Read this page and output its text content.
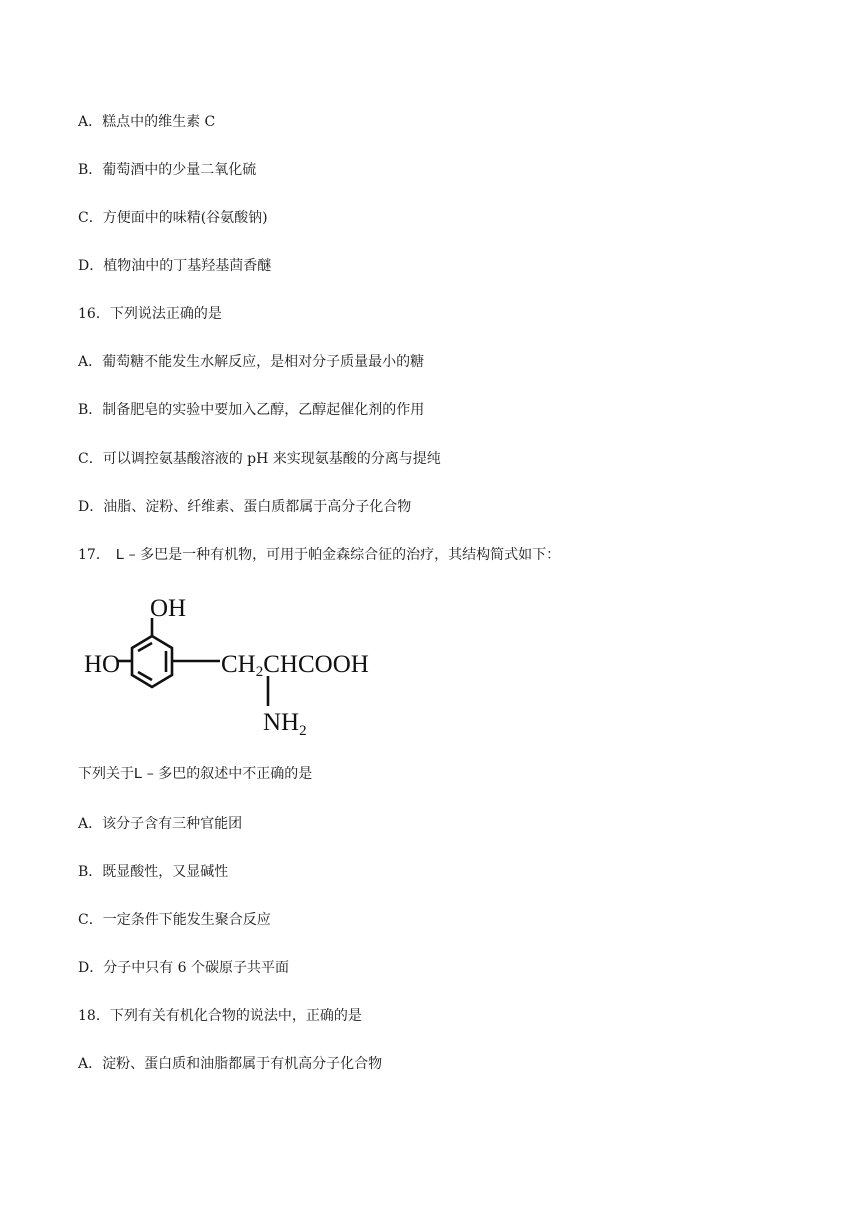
A．糕点中的维生素 C
B．葡萄酒中的少量二氧化硫
C．方便面中的味精(谷氨酸钠)
D．植物油中的丁基羟基茴香醚
16．下列说法正确的是
A．葡萄糖不能发生水解反应，是相对分子质量最小的糖
B．制备肥皂的实验中要加入乙醇，乙醇起催化剂的作用
C．可以调控氨基酸溶液的 pH 来实现氨基酸的分离与提纯
D．油脂、淀粉、纤维素、蛋白质都属于高分子化合物
17． L – 多巴是一种有机物，可用于帕金森综合征的治疗，其结构简式如下：
OH
HO	CH2CHCOOH
$NH_2$
下列关于L – 多巴的叙述中不正确的是
A．该分子含有三种官能团
B．既显酸性，又显碱性
C．一定条件下能发生聚合反应
D．分子中只有 6 个碳原子共平面
18．下列有关有机化合物的说法中，正确的是
A．淀粉、蛋白质和油脂都属于有机高分子化合物
